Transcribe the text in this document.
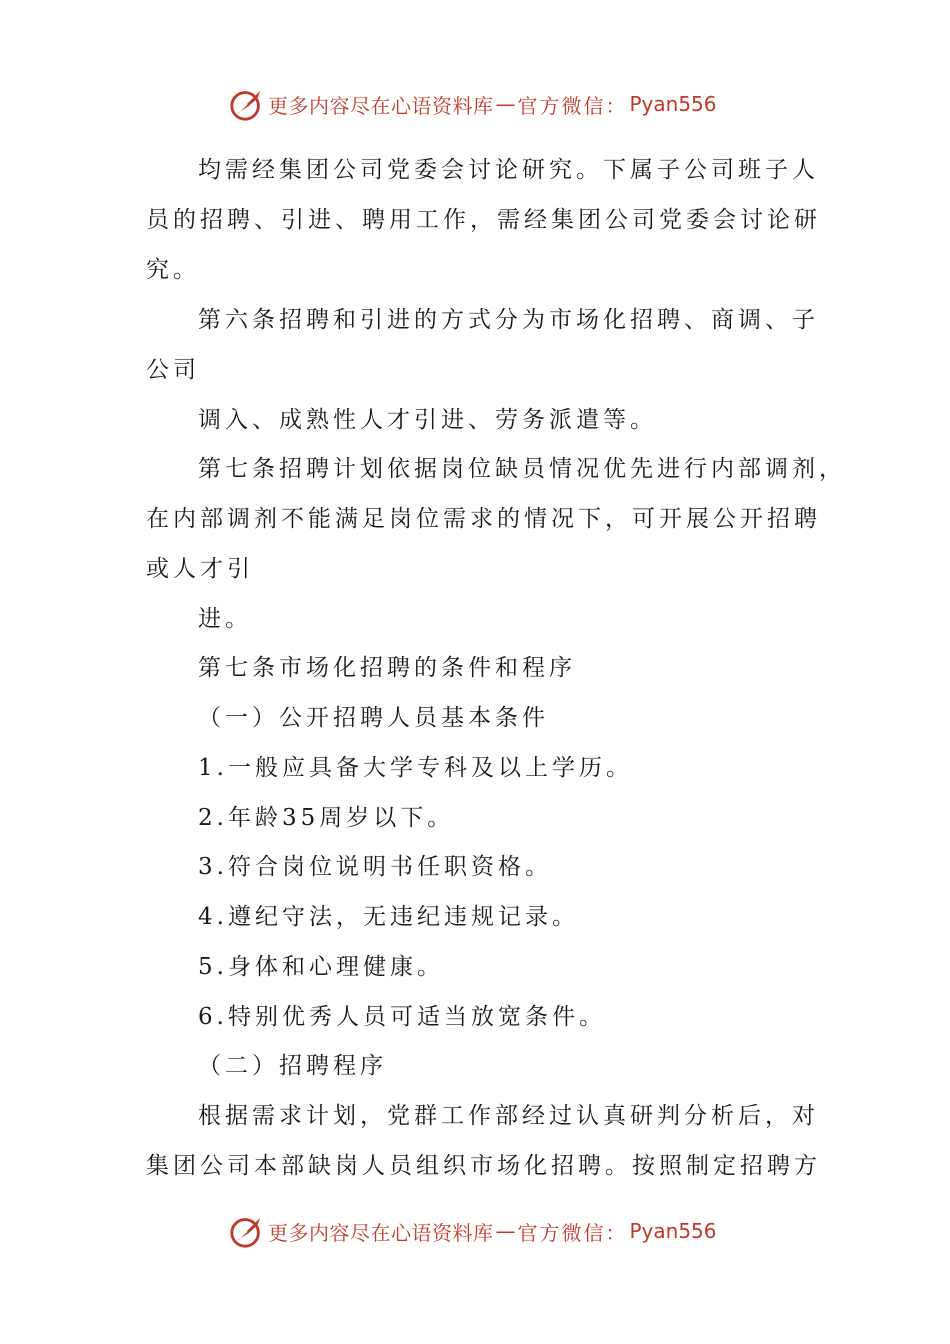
更多内容尽在心语资料库 — 官方微信： Pyan556
均需经集团公司党委会讨论研究。下属子公司班子人
员的招聘、引进、聘用工作，需经集团公司党委会讨论研
究。
第六条招聘和引进的方式分为市场化招聘、商调、子
公司
调入、成熟性人才引进、劳务派遣等。
第七条招聘计划依据岗位缺员情况优先进行内部调剂，
在内部调剂不能满足岗位需求的情况下，可开展公开招聘
或人才引
进。
第七条市场化招聘的条件和程序
（一）公开招聘人员基本条件
1.一般应具备大学专科及以上学历。
2.年龄35周岁以下。
3.符合岗位说明书任职资格。
4.遵纪守法，无违纪违规记录。
5.身体和心理健康。
6.特别优秀人员可适当放宽条件。
（二）招聘程序
根据需求计划，党群工作部经过认真研判分析后，对
集团公司本部缺岗人员组织市场化招聘。按照制定招聘方
更多内容尽在心语资料库 — 官方微信： Pyan556
